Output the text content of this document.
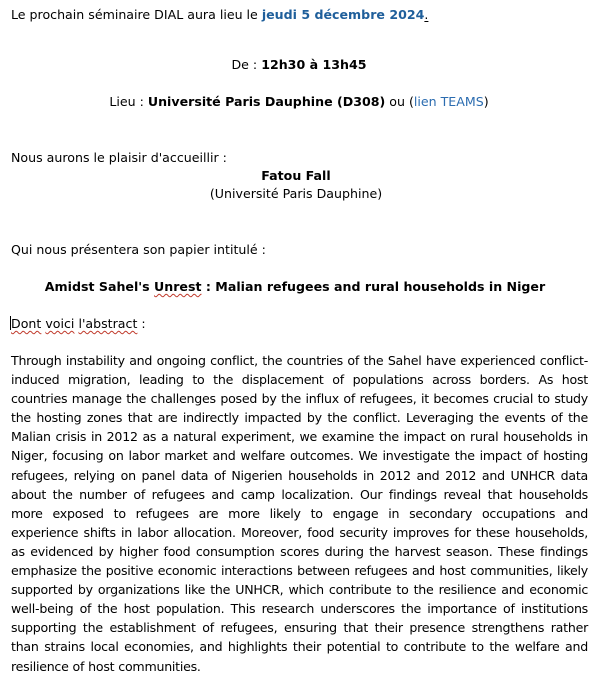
Le prochain séminaire DIAL aura lieu le jeudi 5 décembre 2024.
De : 12h30 à 13h45
Lieu : Université Paris Dauphine (D308) ou (lien TEAMS)
Nous aurons le plaisir d'accueillir :
Fatou Fall
(Université Paris Dauphine)
Qui nous présentera son papier intitulé :
Amidst Sahel's Unrest : Malian refugees and rural households in Niger
Dont voici l'abstract :
Through instability and ongoing conflict, the countries of the Sahel have experienced conflict-induced migration, leading to the displacement of populations across borders. As host countries manage the challenges posed by the influx of refugees, it becomes crucial to study the hosting zones that are indirectly impacted by the conflict. Leveraging the events of the Malian crisis in 2012 as a natural experiment, we examine the impact on rural households in Niger, focusing on labor market and welfare outcomes. We investigate the impact of hosting refugees, relying on panel data of Nigerien households in 2012 and 2012 and UNHCR data about the number of refugees and camp localization. Our findings reveal that households more exposed to refugees are more likely to engage in secondary occupations and experience shifts in labor allocation. Moreover, food security improves for these households, as evidenced by higher food consumption scores during the harvest season. These findings emphasize the positive economic interactions between refugees and host communities, likely supported by organizations like the UNHCR, which contribute to the resilience and economic well-being of the host population. This research underscores the importance of institutions supporting the establishment of refugees, ensuring that their presence strengthens rather than strains local economies, and highlights their potential to contribute to the welfare and resilience of host communities.
